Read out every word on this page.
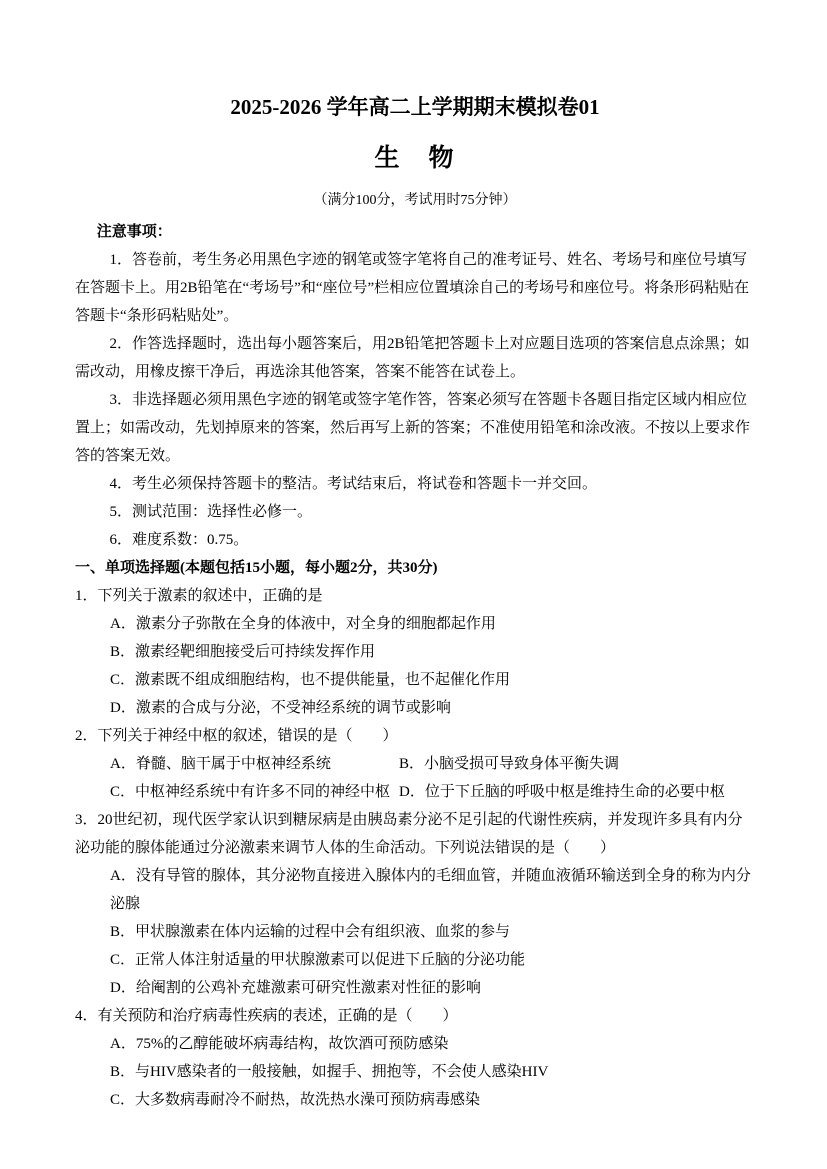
2025-2026 学年高二上学期期末模拟卷01
生　物

（满分100分，考试用时75分钟）

注意事项：

1．答卷前，考生务必用黑色字迹的钢笔或签字笔将自己的准考证号、姓名、考场号和座位号填写在答题卡上。用2B铅笔在“考场号”和“座位号”栏相应位置填涂自己的考场号和座位号。将条形码粘贴在答题卡“条形码粘贴处”。

2．作答选择题时，选出每小题答案后，用2B铅笔把答题卡上对应题目选项的答案信息点涂黑；如需改动，用橡皮擦干净后，再选涂其他答案，答案不能答在试卷上。

3．非选择题必须用黑色字迹的钢笔或签字笔作答，答案必须写在答题卡各题目指定区域内相应位置上；如需改动，先划掉原来的答案，然后再写上新的答案；不准使用铅笔和涂改液。不按以上要求作答的答案无效。

4．考生必须保持答题卡的整洁。考试结束后，将试卷和答题卡一并交回。

5．测试范围：选择性必修一。

6．难度系数：0.75。

一、单项选择题(本题包括15小题，每小题2分，共30分)

1．下列关于激素的叙述中，正确的是

A．激素分子弥散在全身的体液中，对全身的细胞都起作用

B．激素经靶细胞接受后可持续发挥作用

C．激素既不组成细胞结构，也不提供能量，也不起催化作用

D．激素的合成与分泌，不受神经系统的调节或影响

2．下列关于神经中枢的叙述，错误的是（　　）

A．脊髓、脑干属于中枢神经系统	B．小脑受损可导致身体平衡失调
C．中枢神经系统中有许多不同的神经中枢 D．位于下丘脑的呼吸中枢是维持生命的必要中枢

3．20世纪初，现代医学家认识到糖尿病是由胰岛素分泌不足引起的代谢性疾病，并发现许多具有内分泌功能的腺体能通过分泌激素来调节人体的生命活动。下列说法错误的是（　　）

A．没有导管的腺体，其分泌物直接进入腺体内的毛细血管，并随血液循环输送到全身的称为内分泌腺

B．甲状腺激素在体内运输的过程中会有组织液、血浆的参与

C．正常人体注射适量的甲状腺激素可以促进下丘脑的分泌功能

D．给阉割的公鸡补充雄激素可研究性激素对性征的影响

4．有关预防和治疗病毒性疾病的表述，正确的是（　　）

A．75%的乙醇能破坏病毒结构，故饮酒可预防感染

B．与HIV感染者的一般接触，如握手、拥抱等，不会使人感染HIV

C．大多数病毒耐冷不耐热，故洗热水澡可预防病毒感染
